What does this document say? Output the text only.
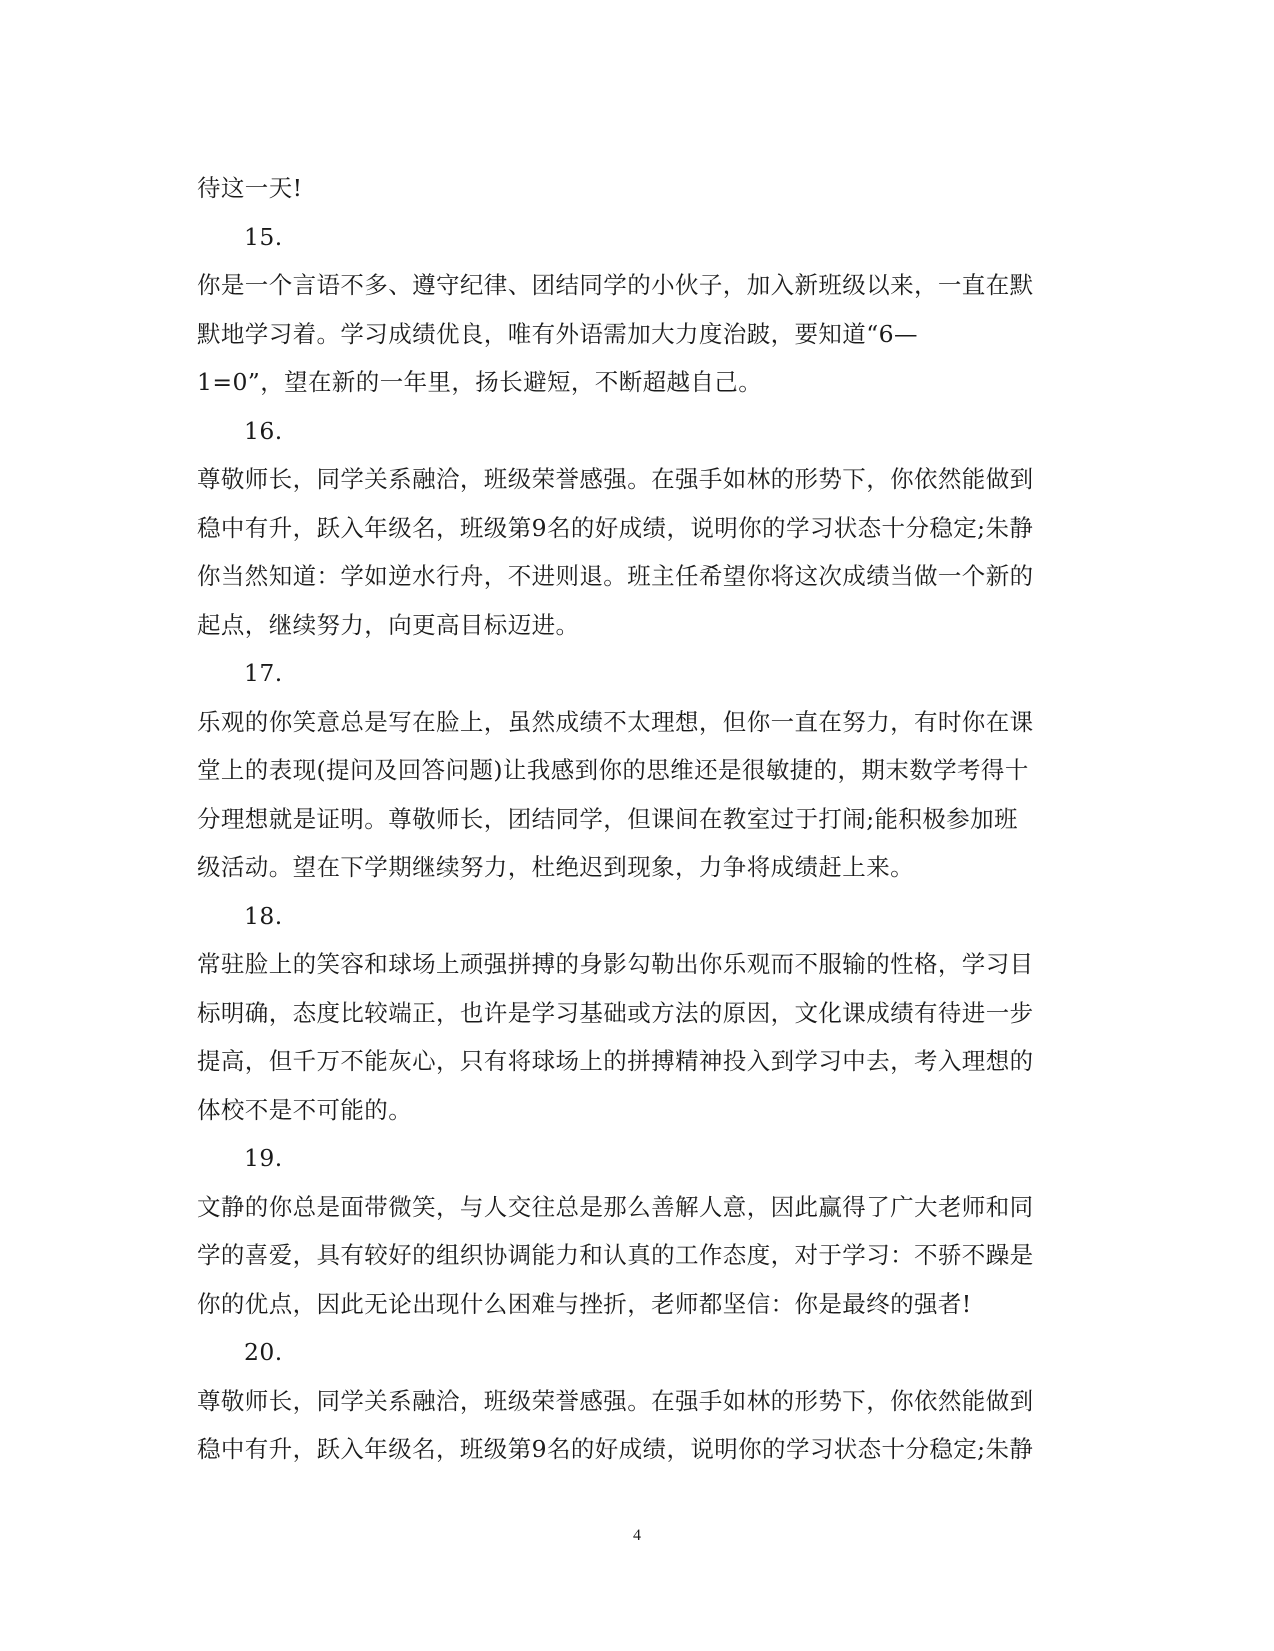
待这一天!
15.
你是一个言语不多、遵守纪律、团结同学的小伙子，加入新班级以来，一直在默
默地学习着。学习成绩优良，唯有外语需加大力度治跛，要知道“6—
1=0”，望在新的一年里，扬长避短，不断超越自己。
16.
尊敬师长，同学关系融洽，班级荣誉感强。在强手如林的形势下，你依然能做到
稳中有升，跃入年级名，班级第9名的好成绩，说明你的学习状态十分稳定;朱静
你当然知道：学如逆水行舟，不进则退。班主任希望你将这次成绩当做一个新的
起点，继续努力，向更高目标迈进。
17.
乐观的你笑意总是写在脸上，虽然成绩不太理想，但你一直在努力，有时你在课
堂上的表现(提问及回答问题)让我感到你的思维还是很敏捷的，期末数学考得十
分理想就是证明。尊敬师长，团结同学，但课间在教室过于打闹;能积极参加班
级活动。望在下学期继续努力，杜绝迟到现象，力争将成绩赶上来。
18.
常驻脸上的笑容和球场上顽强拼搏的身影勾勒出你乐观而不服输的性格，学习目
标明确，态度比较端正，也许是学习基础或方法的原因，文化课成绩有待进一步
提高，但千万不能灰心，只有将球场上的拼搏精神投入到学习中去，考入理想的
体校不是不可能的。
19.
文静的你总是面带微笑，与人交往总是那么善解人意，因此赢得了广大老师和同
学的喜爱，具有较好的组织协调能力和认真的工作态度，对于学习：不骄不躁是
你的优点，因此无论出现什么困难与挫折，老师都坚信：你是最终的强者!
20.
尊敬师长，同学关系融洽，班级荣誉感强。在强手如林的形势下，你依然能做到
稳中有升，跃入年级名，班级第9名的好成绩，说明你的学习状态十分稳定;朱静
4
